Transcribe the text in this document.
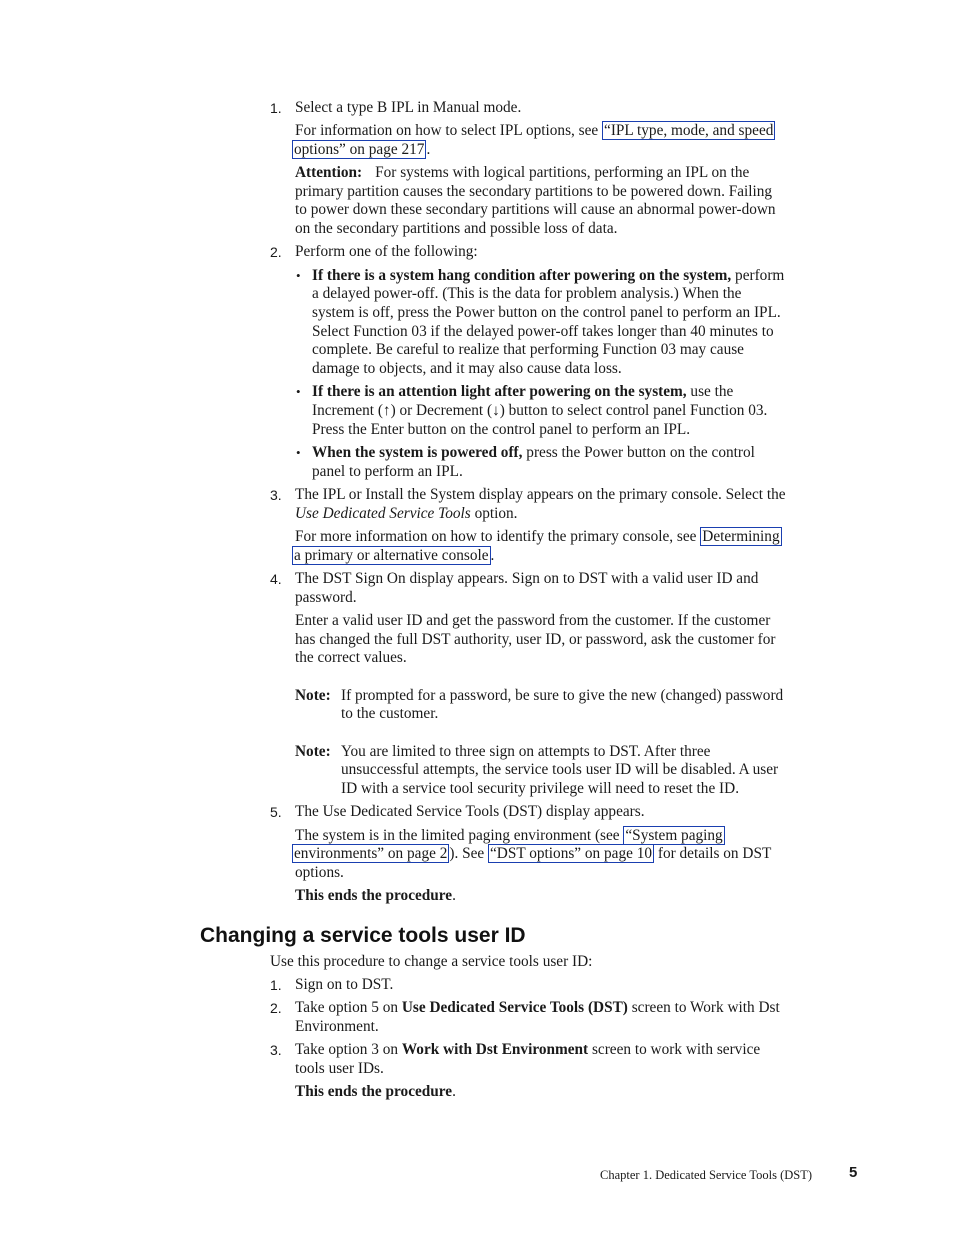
1. Select a type B IPL in Manual mode.
For information on how to select IPL options, see “IPL type, mode, and speed
options” on page 217 .
Attention: For systems with logical partitions, performing an IPL on the
primary partition causes the secondary partitions to be powered down. Failing
to power down these secondary partitions will cause an abnormal power-down
on the secondary partitions and possible loss of data.
2. Perform one of the following:
• If there is a system hang condition after powering on the system, perform
a delayed power-off. (This is the data for problem analysis.) When the
system is off, press the Power button on the control panel to perform an IPL.
Select Function 03 if the delayed power-off takes longer than 40 minutes to
complete. Be careful to realize that performing Function 03 may cause
damage to objects, and it may also cause data loss.
• If there is an attention light after powering on the system, use the
Increment (↑) or Decrement (↓) button to select control panel Function 03.
Press the Enter button on the control panel to perform an IPL.
• When the system is powered off, press the Power button on the control
panel to perform an IPL.
3. The IPL or Install the System display appears on the primary console. Select the
Use Dedicated Service Tools option.
For more information on how to identify the primary console, see Determining
a primary or alternative console .
4. The DST Sign On display appears. Sign on to DST with a valid user ID and
password.
Enter a valid user ID and get the password from the customer. If the customer
has changed the full DST authority, user ID, or password, ask the customer for
the correct values.
Note: If prompted for a password, be sure to give the new (changed) password
to the customer.
Note: You are limited to three sign on attempts to DST. After three
unsuccessful attempts, the service tools user ID will be disabled. A user
ID with a service tool security privilege will need to reset the ID.
5. The Use Dedicated Service Tools (DST) display appears.
The system is in the limited paging environment (see “System paging
environments” on page 2 ). See “DST options” on page 10 for details on DST
options.
This ends the procedure.
Changing a service tools user ID
Use this procedure to change a service tools user ID:
1. Sign on to DST.
2. Take option 5 on Use Dedicated Service Tools (DST) screen to Work with Dst
Environment.
3. Take option 3 on Work with Dst Environment screen to work with service
tools user IDs.
This ends the procedure.
Chapter 1. Dedicated Service Tools (DST) 5
